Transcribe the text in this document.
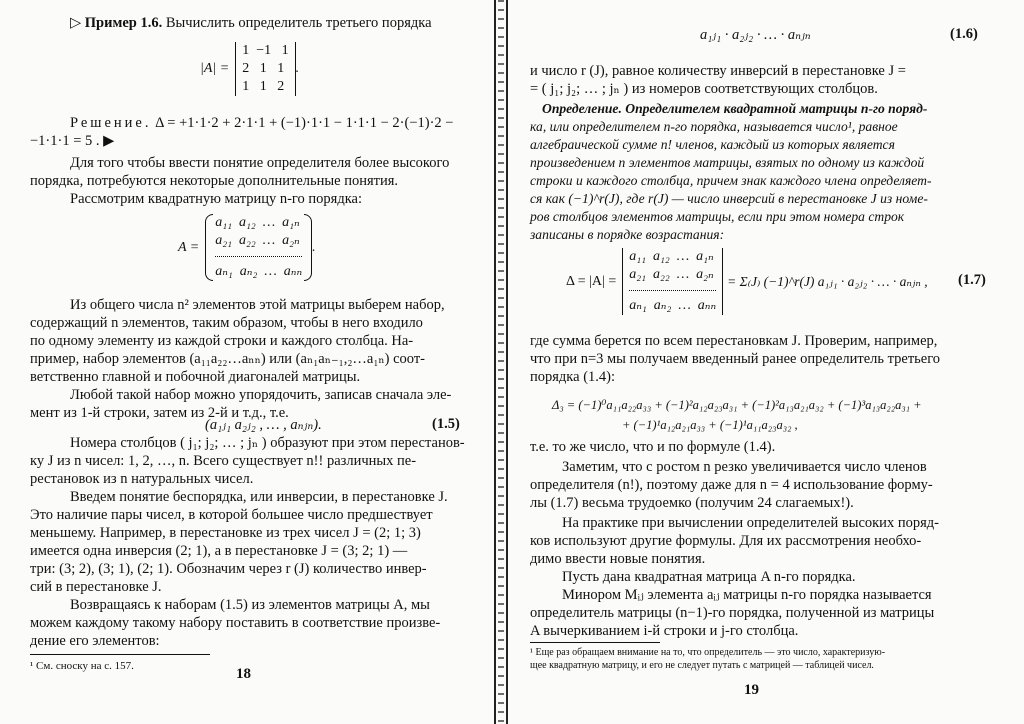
▷ Пример 1.6. Вычислить определитель третьего порядка
|A| =
1  −1   1
2   1   1
1   1   2
.
Решение. Δ = +1·1·2 + 2·1·1 + (−1)·1·1 − 1·1·1 − 2·(−1)·2 −
−1·1·1 = 5 . ▶
Для того чтобы ввести понятие определителя более высокого
порядка, потребуются некоторые дополнительные понятия.
Рассмотрим квадратную матрицу n-го порядка:
A =
a₁₁  a₁₂  …  a₁ₙ
a₂₁  a₂₂  …  a₂ₙ
aₙ₁  aₙ₂  …  aₙₙ
.
Из общего числа n² элементов этой матрицы выберем набор,
содержащий n элементов, таким образом, чтобы в него входило
по одному элементу из каждой строки и каждого столбца. На-
пример, набор элементов (a₁₁a₂₂…aₙₙ) или (aₙ₁aₙ₋₁,₂…a₁ₙ) соот-
ветственно главной и побочной диагоналей матрицы.
Любой такой набор можно упорядочить, записав сначала эле-
мент из 1-й строки, затем из 2-й и т.д., т.е.
(a₁ⱼ₁ a₂ⱼ₂ , … , aₙⱼₙ).	(1.5)
Номера столбцов ( j₁; j₂; … ; jₙ ) образуют при этом перестанов-
ку J из n чисел: 1, 2, …, n. Всего существует n!! различных пе-
рестановок из n натуральных чисел.
Введем понятие беспорядка, или инверсии, в перестановке J.
Это наличие пары чисел, в которой большее число предшествует
меньшему. Например, в перестановке из трех чисел J = (2; 1; 3)
имеется одна инверсия (2; 1), а в перестановке J = (3; 2; 1) —
три: (3; 2), (3; 1), (2; 1). Обозначим через r (J) количество инвер-
сий в перестановке J.
Возвращаясь к наборам (1.5) из элементов матрицы A, мы
можем каждому такому набору поставить в соответствие произве-
дение его элементов:
¹ См. сноску на с. 157.	18
a₁ⱼ₁ · a₂ⱼ₂ · … · aₙⱼₙ	(1.6)
и число r (J), равное количеству инверсий в перестановке J =
= ( j₁; j₂; … ; jₙ ) из номеров соответствующих столбцов.
Определение. Определителем квадратной матрицы n-го поряд-
ка, или определителем n-го порядка, называется число¹, равное
алгебраической сумме n! членов, каждый из которых является
произведением n элементов матрицы, взятых по одному из каждой
строки и каждого столбца, причем знак каждого члена определяет-
ся как (−1)^r(J), где r(J) — число инверсий в перестановке J из номе-
ров столбцов элементов матрицы, если при этом номера строк
записаны в порядке возрастания:
Δ = |A| =
a₁₁  a₁₂  …  a₁ₙ
a₂₁  a₂₂  …  a₂ₙ
aₙ₁  aₙ₂  …  aₙₙ
= Σ₍J₎ (−1)^r(J) a₁ⱼ₁ · a₂ⱼ₂ · … · aₙⱼₙ , (1.7)
где сумма берется по всем перестановкам J. Проверим, например,
что при n=3 мы получаем введенный ранее определитель третьего
порядка (1.4):
Δ₃ = (−1)⁰a₁₁a₂₂a₃₃ + (−1)²a₁₂a₂₃a₃₁ + (−1)²a₁₃a₂₁a₃₂ + (−1)³a₁₃a₂₂a₃₁ +
+ (−1)¹a₁₂a₂₁a₃₃ + (−1)¹a₁₁a₂₃a₃₂ ,
т.е. то же число, что и по формуле (1.4).
Заметим, что с ростом n резко увеличивается число членов
определителя (n!), поэтому даже для n = 4 использование форму-
лы (1.7) весьма трудоемко (получим 24 слагаемых!).
На практике при вычислении определителей высоких поряд-
ков используют другие формулы. Для их рассмотрения необхо-
димо ввести новые понятия.
Пусть дана квадратная матрица A n-го порядка.
Минором Mᵢⱼ элемента aᵢⱼ матрицы n-го порядка называется
определитель матрицы (n−1)-го порядка, полученной из матрицы
A вычеркиванием i-й строки и j-го столбца.
¹ Еще раз обращаем внимание на то, что определитель — это число, характеризую-
щее квадратную матрицу, и его не следует путать с матрицей — таблицей чисел.
19
